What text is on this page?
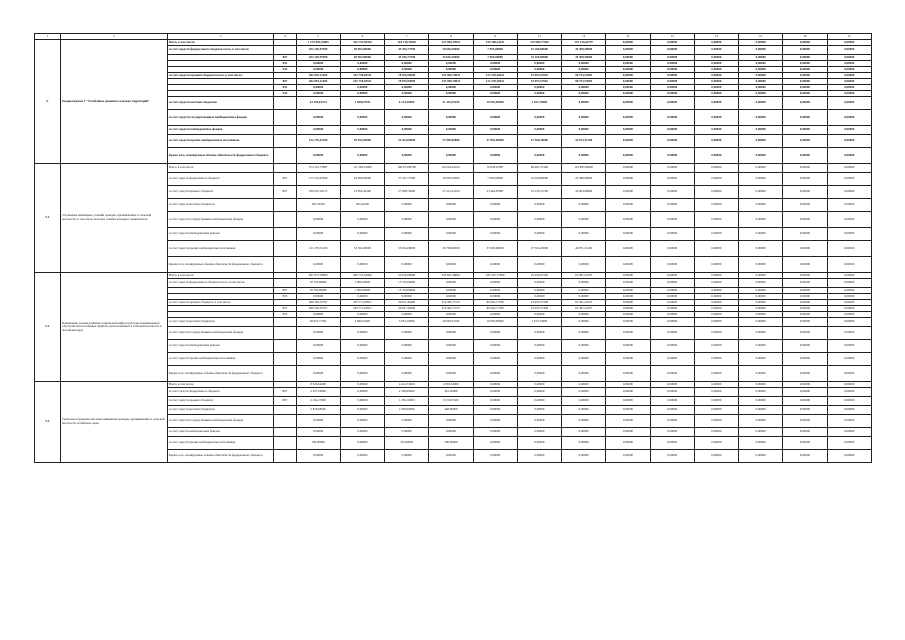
1	2	3	4	5	6	7	8	9	11	14	12	13	14	15	16	17
6.	Подпрограмма 5 "Устойчивое развитие сельских территорий"	Всего, в том числе:		1 279 495,53883	326 753,83456	164 310,32063	322 969,39991	150 368,24221	115 996,77560	176 224,64797	0,00000	0,00000	0,00000	0,00000	0,00000	0,00000
		за счет средств федерального бюджета всего, в том числе:		182 165,97900	40 902,80000	45 256,77500	20 636,30000	7 095,00000	32 260,80000	45 498,40000	0,00000	0,00000	0,00000	0,00000	0,00000	0,00000
			807	182 165,97900	40 902,80000	45 256,77500	20 636,30000	7 095,00000	32 260,80000	45 498,40000	0,00000	0,00000	0,00000	0,00000	0,00000	0,00000
			833	0,00000	0,00000	0,00000	0,00000	0,00000	0,00000	0,00000	0,00000	0,00000	0,00000	0,00000	0,00000	0,00000
			943	0,00000	0,00000	0,00000	0,00000	0,00000	0,00000	0,00000	0,00000	0,00000	0,00000	0,00000	0,00000	0,00000
		за счет средств краевого бюджета всего, в том числе:		842 803,11660	242 750,04511	78 876,90900	243 906,79823	122 249,40621	53 697,67062	98 753,53083	0,00000	0,00000	0,00000	0,00000	0,00000	0,00000
			807	842 803,11660	242 750,04511	78 876,90900	243 906,79823	122 249,40621	53 697,67062	98 753,53083	0,00000	0,00000	0,00000	0,00000	0,00000	0,00000
			833	0,00000	0,00000	0,00000	0,00000	0,00000	0,00000	0,00000	0,00000	0,00000	0,00000	0,00000	0,00000	0,00000
			943	0,00000	0,00000	0,00000	0,00000	0,00000	0,00000	0,00000	0,00000	0,00000	0,00000	0,00000	0,00000	0,00000
		за счет средств местных бюджетов		43 250,02314	3 508,07945	6 124,30000	21 316,59169	10 693,83600	1 622,76000	0,00000	0,00000	0,00000	0,00000	0,00000	0,00000	0,00000
		за счет средств государственных внебюджетных фондов		0,00000	0,00000	0,00000	0,00000	0,00000	0,00000	0,00000	0,00000	0,00000	0,00000	0,00000	0,00000	0,00000
		за счет средств внебюджетных фондов		0,00000	0,00000	0,00000	0,00000	0,00000	0,00000	0,00000	0,00000	0,00000	0,00000	0,00000	0,00000	0,00000
		за счет средств прочих внебюджетных источников		212 276,51200	39 592,00000	34 262,00000	37 090,00000	37 892,00000	27 560,20000	35 972,31200	0,00000	0,00000	0,00000	0,00000	0,00000	0,00000
		Кроме того, планируемые объемы обязательств федерального бюджета		0,00000	0,00000	0,00000	0,00000	0,00000	0,00000	0,00000	0,00000	0,00000	0,00000	0,00000	0,00000	0,00000
5.1.	Улучшение жилищных условий граждан, проживающих в сельской местности, в том числе молодых семей и молодых специалистов	Всего, в том числе:		573 161,77887	111 583,41000	106 673,86700	84 216,04100	70 639,47887	69 481,37400	119 883,39600	0,00000	0,00000	0,00000	0,00000	0,00000	0,00000
		за счет средств федерального бюджета	807	173 161,97900	29 900,00000	37 417,77500	20 636,30000	7 095,00000	32 260,80000	45 498,40000	0,00000	0,00000	0,00000	0,00000	0,00000	0,00000
		за счет средств краевого бюджета	807	180 223,16317	21 850,44300	27 838,70000	27 212,32100	23 464,87887	10 126,55700	45 964,09600	0,00000	0,00000	0,00000	0,00000	0,00000	0,00000
		за счет средств местных бюджетов		363,43450	363,43450	0,00000	0,00000	0,00000	0,00000	0,00000	0,00000	0,00000	0,00000	0,00000	0,00000	0,00000
		за счет средств государственных внебюджетных фондов		0,00000	0,00000	0,00000	0,00000	0,00000	0,00000	0,00000	0,00000	0,00000	0,00000	0,00000	0,00000	0,00000
		за счет средств внебюджетных фондов		0,00000	0,00000	0,00000	0,00000	0,00000	0,00000	0,00000	0,00000	0,00000	0,00000	0,00000	0,00000	0,00000
		за счет средств прочих внебюджетных источников		211 276,51200	33 592,00000	35 854,00000	36 768,00000	37 693,00000	27 563,20000	40 871,31200	0,00000	0,00000	0,00000	0,00000	0,00000	0,00000
		Кроме того, планируемые объемы обязательств федерального бюджета		0,00000	0,00000	0,00000	0,00000	0,00000	0,00000	0,00000	0,00000	0,00000	0,00000	0,00000	0,00000	0,00000
5.2.	Повышение уровня развития социальной инфраструктуры и инженерного обустройства населенных пунктов, расположенных в сельской местности в Алтайском крае	Всего, в том числе:		697 673,79800	206 723,16990	59 616,06900	245 831,48801	181 697,77900	25 945,01356	65 481,22597	0,00000	0,00000	0,00000	0,00000	0,00000	0,00000
		за счет средств федерального бюджета всего, в том числе:		10 750,00000	1 000,00000	15 750,00000	0,00000	0,00000	0,00000	0,00000	0,00000	0,00000	0,00000	0,00000	0,00000	0,00000
			807	10 750,00000	1 000,00000	15 750,00000	0,00000	0,00000	0,00000	0,00000	0,00000	0,00000	0,00000	0,00000	0,00000	0,00000
			833	0,00000	0,00000	0,00000	0,00000	0,00000	0,00000	0,00000	0,00000	0,00000	0,00000	0,00000	0,00000	0,00000
		за счет средств краевого бюджета, в том числе:		640 363,35797	203 771,03811	29 817,46400	216 306,75727	80 664,71796	23 035,57438	63 361,22597	0,00000	0,00000	0,00000	0,00000	0,00000	0,00000
			807	640 363,35797	203 771,03811	29 817,46400	216 306,75727	80 664,71796	23 035,57438	63 361,22597	0,00000	0,00000	0,00000	0,00000	0,00000	0,00000
			833	0,00000	0,00000	0,00000	0,00000	0,00000	0,00000	0,00000	0,00000	0,00000	0,00000	0,00000	0,00000	0,00000
		за счет средств местных бюджетов		46 616,77361	3 849,43495	5 854,10000	29 003,91169	10 693,83600	1 613,74600	0,00000	0,00000	0,00000	0,00000	0,00000	0,00000	0,00000
		за счет средств государственных внебюджетных фондов		0,00000	0,00000	0,00000	0,00000	0,00000	0,00000	0,00000	0,00000	0,00000	0,00000	0,00000	0,00000	0,00000
		за счет средств внебюджетных фондов		0,00000	0,00000	0,00000	0,00000	0,00000	0,00000	0,00000	0,00000	0,00000	0,00000	0,00000	0,00000	0,00000
		за счет средств прочих внебюджетных источников		0,00000	0,00000	0,00000	0,00000	0,00000	0,00000	0,00000	0,00000	0,00000	0,00000	0,00000	0,00000	0,00000
		Кроме того, планируемые объемы обязательств федерального бюджета		0,00000	0,00000	0,00000	0,00000	0,00000	0,00000	0,00000	0,00000	0,00000	0,00000	0,00000	0,00000	0,00000
5.3.	Грантовая поддержка местных инициатив граждан, проживающих в сельской местности Алтайского края	Всего, в том числе:		8 526,64200	0,00000	4 414,73200	2 803,63900	0,00000	0,00000	0,00000	0,00000	0,00000	0,00000	0,00000	0,00000	0,00000
		за счет средств федерального бюджета	807	2 437,20000	0,00000	2 100,00000	361,50000	0,00000	0,00000	0,00000	0,00000	0,00000	0,00000	0,00000	0,00000	0,00000
		за счет средств краевого бюджета	807	2 162,27000	0,00000	1 256,10000	0,72167200	0,00000	0,00000	0,00000	0,00000	0,00000	0,00000	0,00000	0,00000	0,00000
		за счет средств местных бюджетов		2 870,68200	0,00000	2 269,00000	448,80000	0,00000	0,00000	0,00000	0,00000	0,00000	0,00000	0,00000	0,00000	0,00000
		за счет средств государственных внебюджетных фондов		0,00000	0,00000	0,00000	0,00000	0,00000	0,00000	0,00000	0,00000	0,00000	0,00000	0,00000	0,00000	0,00000
		за счет средств внебюджетных фондов		0,00000	0,00000	0,00000	0,00000	0,00000	0,00000	0,00000	0,00000	0,00000	0,00000	0,00000	0,00000	0,00000
		за счет средств прочих внебюджетных источников		700,00000	0,00000	312,00000	390,00000	0,00000	0,00000	0,00000	0,00000	0,00000	0,00000	0,00000	0,00000	0,00000
		Кроме того, планируемые объемы обязательств федерального бюджета		0,00000	0,00000	0,00000	0,00000	0,00000	0,00000	0,00000	0,00000	0,00000	0,00000	0,00000	0,00000	0,00000
